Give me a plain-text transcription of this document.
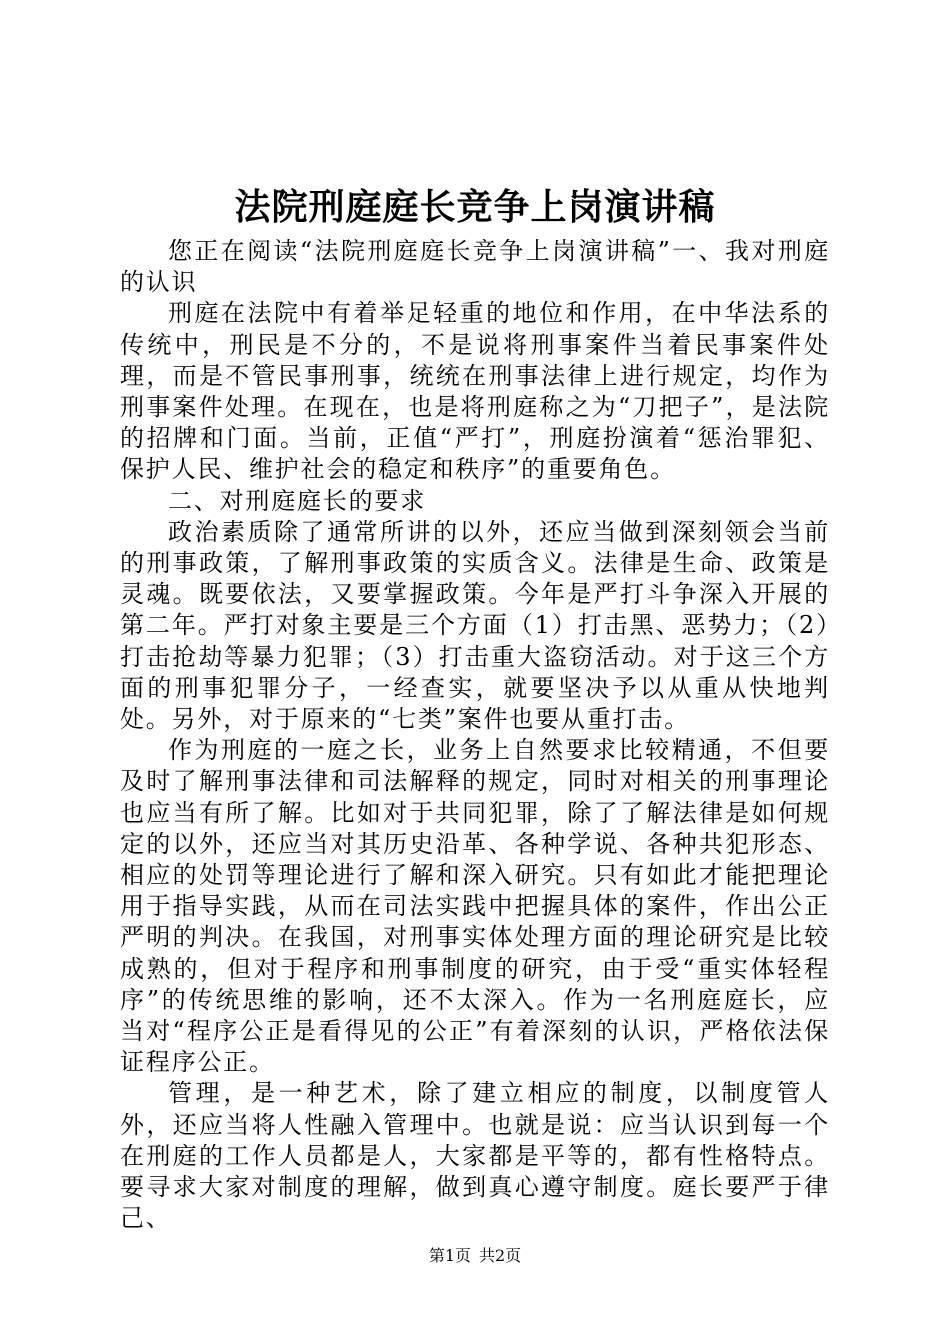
法院刑庭庭长竞争上岗演讲稿

您正在阅读“法院刑庭庭长竞争上岗演讲稿”一、我对刑庭的认识

刑庭在法院中有着举足轻重的地位和作用，在中华法系的传统中，刑民是不分的，不是说将刑事案件当着民事案件处理，而是不管民事刑事，统统在刑事法律上进行规定，均作为刑事案件处理。在现在，也是将刑庭称之为“刀把子”，是法院的招牌和门面。当前，正值“严打”，刑庭扮演着“惩治罪犯、保护人民、维护社会的稳定和秩序”的重要角色。

二、对刑庭庭长的要求

政治素质除了通常所讲的以外，还应当做到深刻领会当前的刑事政策，了解刑事政策的实质含义。法律是生命、政策是灵魂。既要依法，又要掌握政策。今年是严打斗争深入开展的第二年。严打对象主要是三个方面（1）打击黑、恶势力；（2）打击抢劫等暴力犯罪；（3）打击重大盗窃活动。对于这三个方面的刑事犯罪分子，一经查实，就要坚决予以从重从快地判处。另外，对于原来的“七类”案件也要从重打击。

作为刑庭的一庭之长，业务上自然要求比较精通，不但要及时了解刑事法律和司法解释的规定，同时对相关的刑事理论也应当有所了解。比如对于共同犯罪，除了了解法律是如何规定的以外，还应当对其历史沿革、各种学说、各种共犯形态、相应的处罚等理论进行了解和深入研究。只有如此才能把理论用于指导实践，从而在司法实践中把握具体的案件，作出公正严明的判决。在我国，对刑事实体处理方面的理论研究是比较成熟的，但对于程序和刑事制度的研究，由于受“重实体轻程序”的传统思维的影响，还不太深入。作为一名刑庭庭长，应当对“程序公正是看得见的公正”有着深刻的认识，严格依法保证程序公正。

管理，是一种艺术，除了建立相应的制度，以制度管人外，还应当将人性融入管理中。也就是说：应当认识到每一个在刑庭的工作人员都是人，大家都是平等的，都有性格特点。要寻求大家对制度的理解，做到真心遵守制度。庭长要严于律己、

第1页 共2页
